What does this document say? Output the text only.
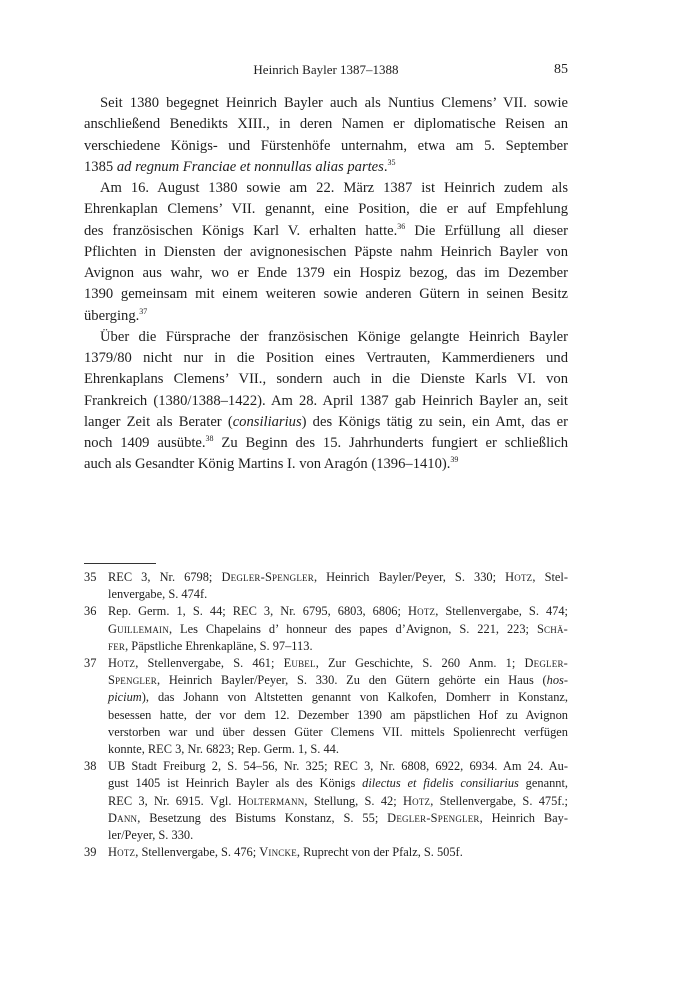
Heinrich Bayler 1387–1388	85

Seit 1380 begegnet Heinrich Bayler auch als Nuntius Clemens’ VII. sowie
anschließend Benedikts XIII., in deren Namen er diplomatische Reisen an
verschiedene Königs- und Fürstenhöfe unternahm, etwa am 5. September
1385 ad regnum Franciae et nonnullas alias partes.$^{35}$

Am 16. August 1380 sowie am 22. März 1387 ist Heinrich zudem als
Ehrenkaplan Clemens’ VII. genannt, eine Position, die er auf Empfehlung
des französischen Königs Karl V. erhalten hatte.$^{36}$ Die Erfüllung all dieser
Pflichten in Diensten der avignonesischen Päpste nahm Heinrich Bayler von
Avignon aus wahr, wo er Ende 1379 ein Hospiz bezog, das im Dezember
1390 gemeinsam mit einem weiteren sowie anderen Gütern in seinen Besitz
überging.$^{37}$

Über die Fürsprache der französischen Könige gelangte Heinrich Bayler
1379/80 nicht nur in die Position eines Vertrauten, Kammerdieners und
Ehrenkaplans Clemens’ VII., sondern auch in die Dienste Karls VI. von
Frankreich (1380/1388–1422). Am 28. April 1387 gab Heinrich Bayler an, seit
langer Zeit als Berater (consiliarius) des Königs tätig zu sein, ein Amt, das er
noch 1409 ausübte.$^{38}$ Zu Beginn des 15. Jahrhunderts fungiert er schließlich
auch als Gesandter König Martins I. von Aragón (1396–1410).$^{39}$

35 REC 3, Nr. 6798; Degler-Spengler, Heinrich Bayler/Peyer, S. 330; Hotz, Stel-
lenvergabe, S. 474f.
36 Rep. Germ. 1, S. 44; REC 3, Nr. 6795, 6803, 6806; Hotz, Stellenvergabe, S. 474;
Guillemain, Les Chapelains d’ honneur des papes d’Avignon, S. 221, 223; Schä-
fer, Päpstliche Ehrenkapläne, S. 97–113.
37 Hotz, Stellenvergabe, S. 461; Eubel, Zur Geschichte, S. 260 Anm. 1; Degler-
Spengler, Heinrich Bayler/Peyer, S. 330. Zu den Gütern gehörte ein Haus (hos-
picium), das Johann von Altstetten genannt von Kalkofen, Domherr in Konstanz,
besessen hatte, der vor dem 12. Dezember 1390 am päpstlichen Hof zu Avignon
verstorben war und über dessen Güter Clemens VII. mittels Spolienrecht verfügen
konnte, REC 3, Nr. 6823; Rep. Germ. 1, S. 44.
38 UB Stadt Freiburg 2, S. 54–56, Nr. 325; REC 3, Nr. 6808, 6922, 6934. Am 24. Au-
gust 1405 ist Heinrich Bayler als des Königs dilectus et fidelis consiliarius genannt,
REC 3, Nr. 6915. Vgl. Holtermann, Stellung, S. 42; Hotz, Stellenvergabe, S. 475f.;
Dann, Besetzung des Bistums Konstanz, S. 55; Degler-Spengler, Heinrich Bay-
ler/Peyer, S. 330.
39 Hotz, Stellenvergabe, S. 476; Vincke, Ruprecht von der Pfalz, S. 505f.
